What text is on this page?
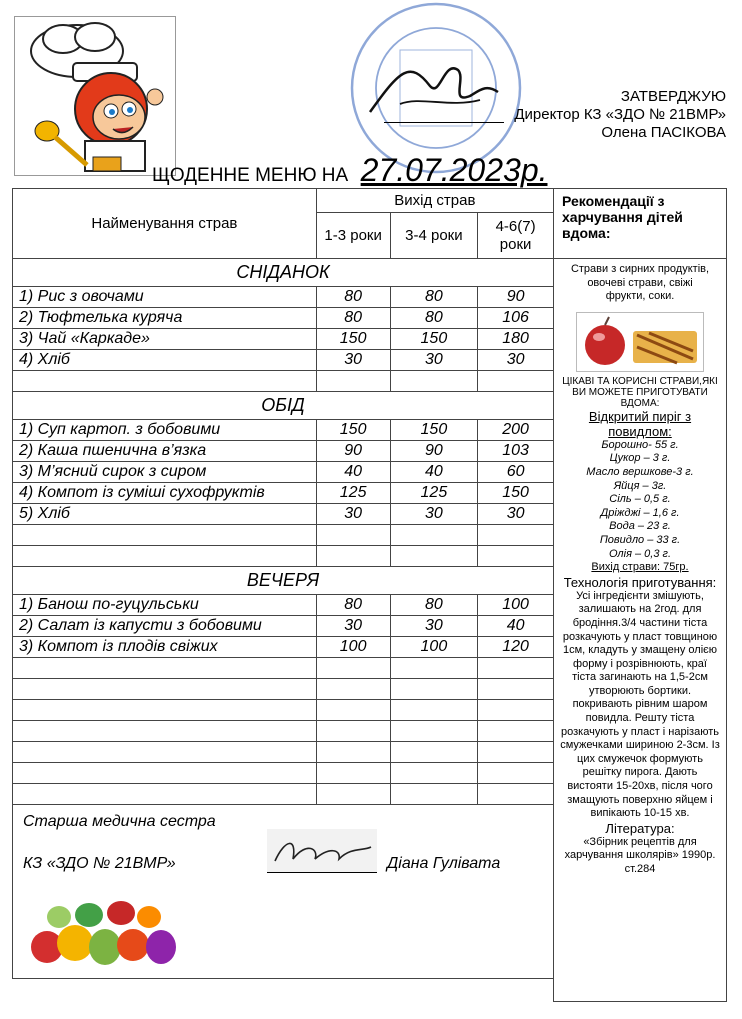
ЗАТВЕРДЖУЮ
Директор КЗ «ЗДО № 21ВМР»
Олена ПАСІКОВА
ЩОДЕННЕ МЕНЮ НА 27.07.2023р.
Найменування страв	Вихід страв		
	1-3 роки	3-4 роки	4-6(7) роки
СНІДАНОК			
1) Рис з овочами	80	80	90
2) Тюфтелька куряча	80	80	106
3) Чай «Каркаде»	150	150	180
4) Хліб	30	30	30

ОБІД			
1) Суп картоп. з бобовими	150	150	200
2) Каша пшенична в’язка	90	90	103
3) М’ясний сирок з сиром	40	40	60
4) Компот із суміші сухофруктів	125	125	150
5) Хліб	30	30	30

ВЕЧЕРЯ			
1) Банош по-гуцульськи	80	80	100
2) Салат із капусти з бобовими	30	30	40
3) Компот із плодів свіжих	100	100	120

Старша медична сестра
КЗ «ЗДО № 21ВМР» Діана Гулівата			
Рекомендації з харчування дітей вдома:
Страви з сирних продуктів, овочеві страви, свіжі фрукти, соки.
ЦІКАВІ ТА КОРИСНІ СТРАВИ,ЯКІ ВИ МОЖЕТЕ ПРИГОТУВАТИ ВДОМА:
Відкритий пиріг з повидлом:
Борошно- 55 г.
Цукор – 3 г.
Масло вершкове-3 г.
Яйця – 3г.
Сіль – 0,5 г.
Дріжджі – 1,6 г.
Вода – 23 г.
Повидло – 33 г.
Олія – 0,3 г.
Вихід страви: 75гр.
Технологія приготування:
Усі інгредієнти змішують, залишають на 2год. для бродіння.3/4 частини тіста розкачують у пласт товщиною 1см, кладуть у змащену олією форму і розрівнюють, краї тіста загинають на 1,5-2см утворюють бортики. покривають рівним шаром повидла. Решту тіста розкачують у пласт і нарізають смужечками шириною 2-3см. Із цих смужечок формують решітку пирога. Дають вистояти 15-20хв, після чого змащують поверхню яйцем і випікають 10-15 хв.
Література:
«Збірник рецептів для харчування школярів» 1990р. ст.284
